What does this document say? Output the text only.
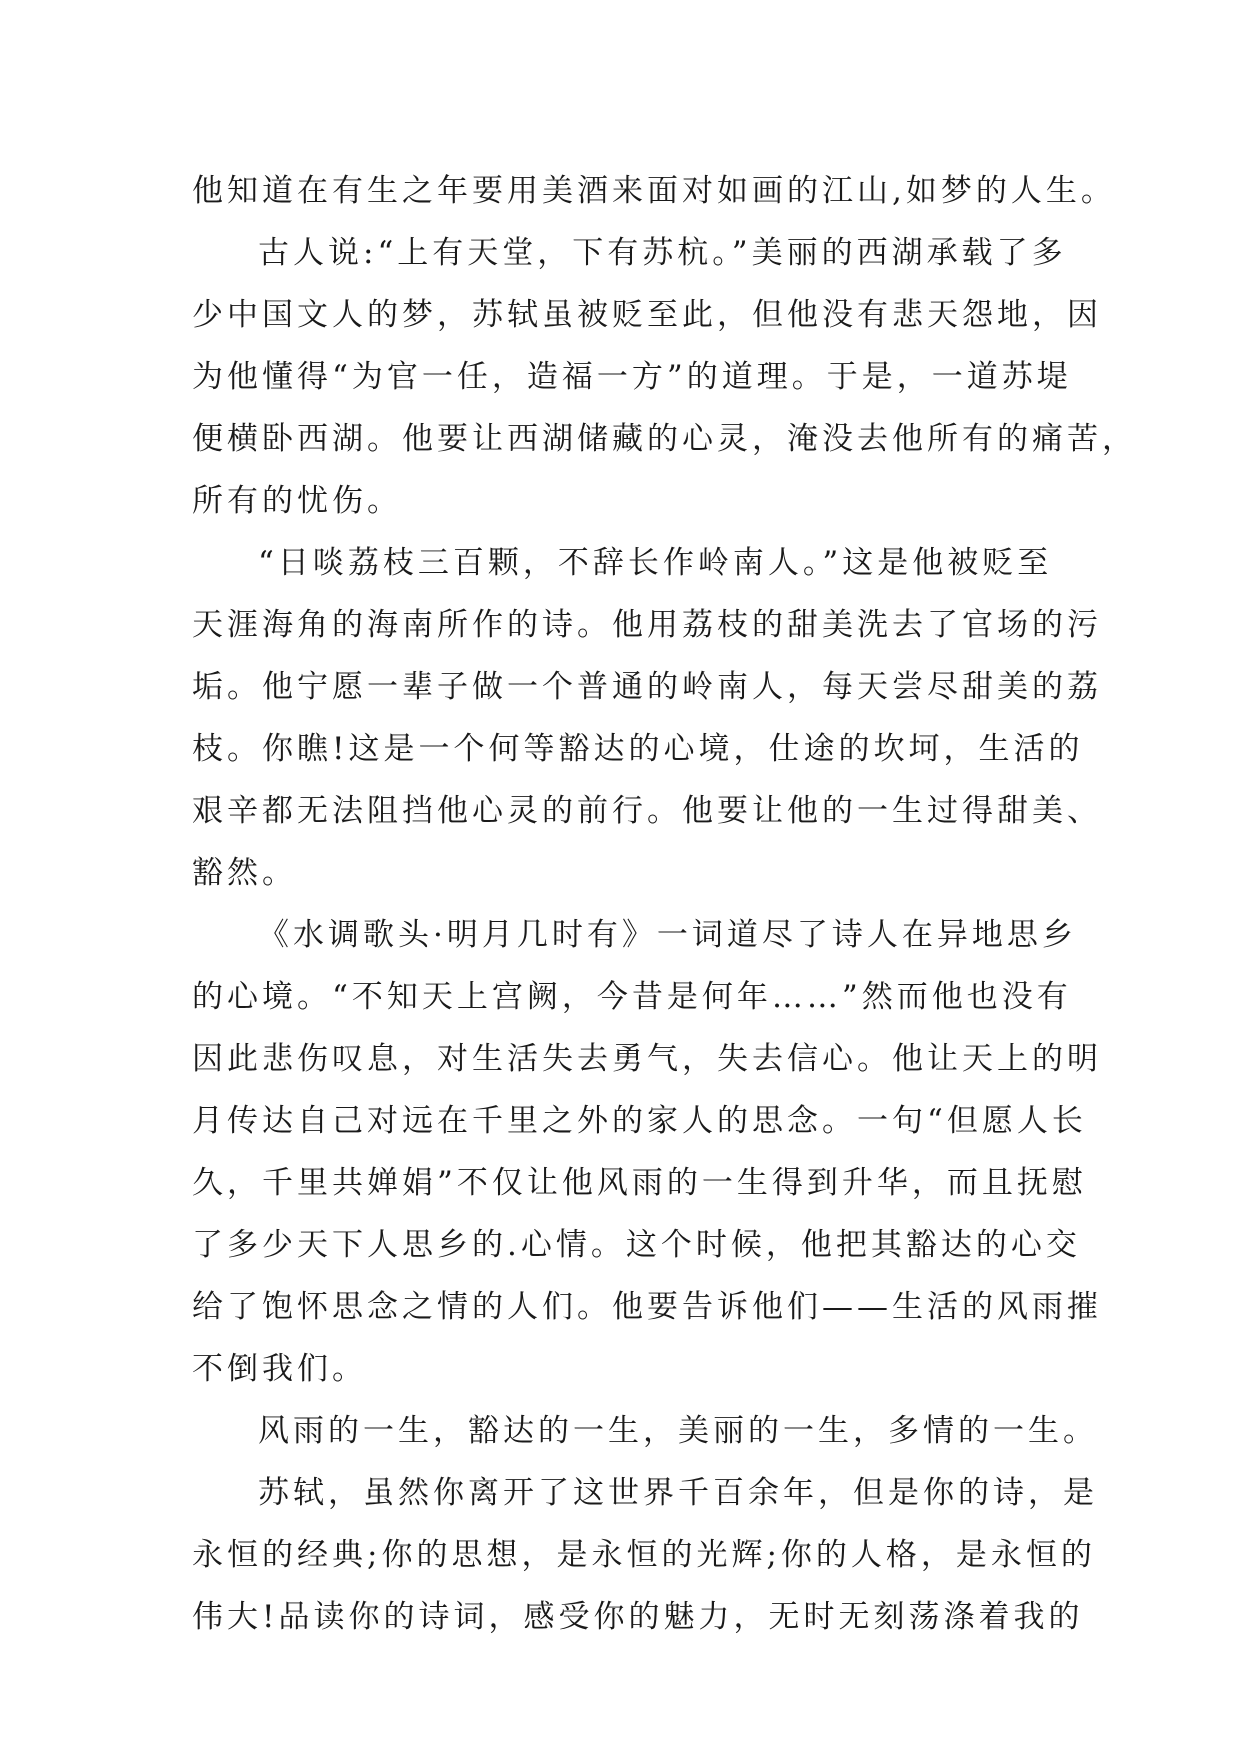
他知道在有生之年要用美酒来面对如画的江山,如梦的人生。
古人说:“上有天堂，下有苏杭。”美丽的西湖承载了多
少中国文人的梦，苏轼虽被贬至此，但他没有悲天怨地，因
为他懂得“为官一任，造福一方”的道理。于是，一道苏堤
便横卧西湖。他要让西湖储藏的心灵，淹没去他所有的痛苦，
所有的忧伤。
“日啖荔枝三百颗，不辞长作岭南人。”这是他被贬至
天涯海角的海南所作的诗。他用荔枝的甜美洗去了官场的污
垢。他宁愿一辈子做一个普通的岭南人，每天尝尽甜美的荔
枝。你瞧!这是一个何等豁达的心境，仕途的坎坷，生活的
艰辛都无法阻挡他心灵的前行。他要让他的一生过得甜美、
豁然。
《水调歌头·明月几时有》一词道尽了诗人在异地思乡
的心境。“不知天上宫阙，今昔是何年……”然而他也没有
因此悲伤叹息，对生活失去勇气，失去信心。他让天上的明
月传达自己对远在千里之外的家人的思念。一句“但愿人长
久，千里共婵娟”不仅让他风雨的一生得到升华，而且抚慰
了多少天下人思乡的.心情。这个时候，他把其豁达的心交
给了饱怀思念之情的人们。他要告诉他们——生活的风雨摧
不倒我们。
风雨的一生，豁达的一生，美丽的一生，多情的一生。
苏轼，虽然你离开了这世界千百余年，但是你的诗，是
永恒的经典;你的思想，是永恒的光辉;你的人格，是永恒的
伟大!品读你的诗词，感受你的魅力，无时无刻荡涤着我的
